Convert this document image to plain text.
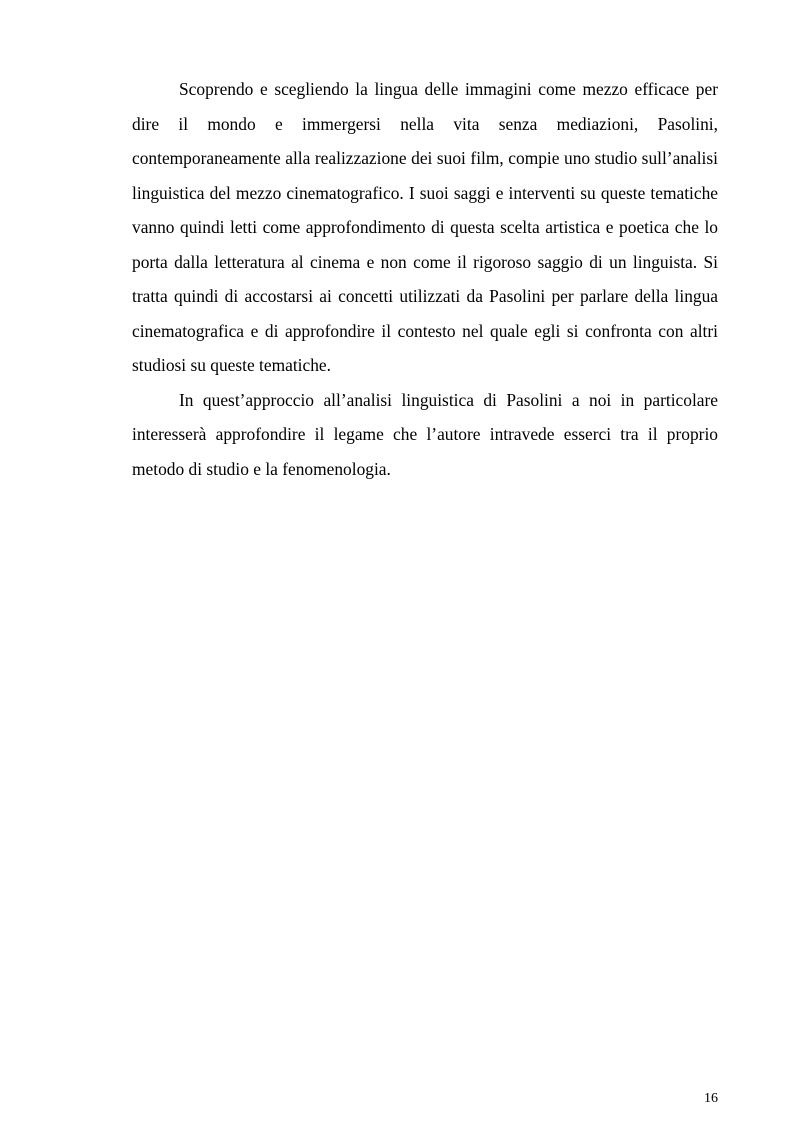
Scoprendo e scegliendo la lingua delle immagini come mezzo efficace per dire il mondo e immergersi nella vita senza mediazioni, Pasolini, contemporaneamente alla realizzazione dei suoi film, compie uno studio sull’analisi linguistica del mezzo cinematografico. I suoi saggi e interventi su queste tematiche vanno quindi letti come approfondimento di questa scelta artistica e poetica che lo porta dalla letteratura al cinema e non come il rigoroso saggio di un linguista. Si tratta quindi di accostarsi ai concetti utilizzati da Pasolini per parlare della lingua cinematografica e di approfondire il contesto nel quale egli si confronta con altri studiosi su queste tematiche.

In quest’approccio all’analisi linguistica di Pasolini a noi in particolare interesserà approfondire il legame che l’autore intravede esserci tra il proprio metodo di studio e la fenomenologia.

16
